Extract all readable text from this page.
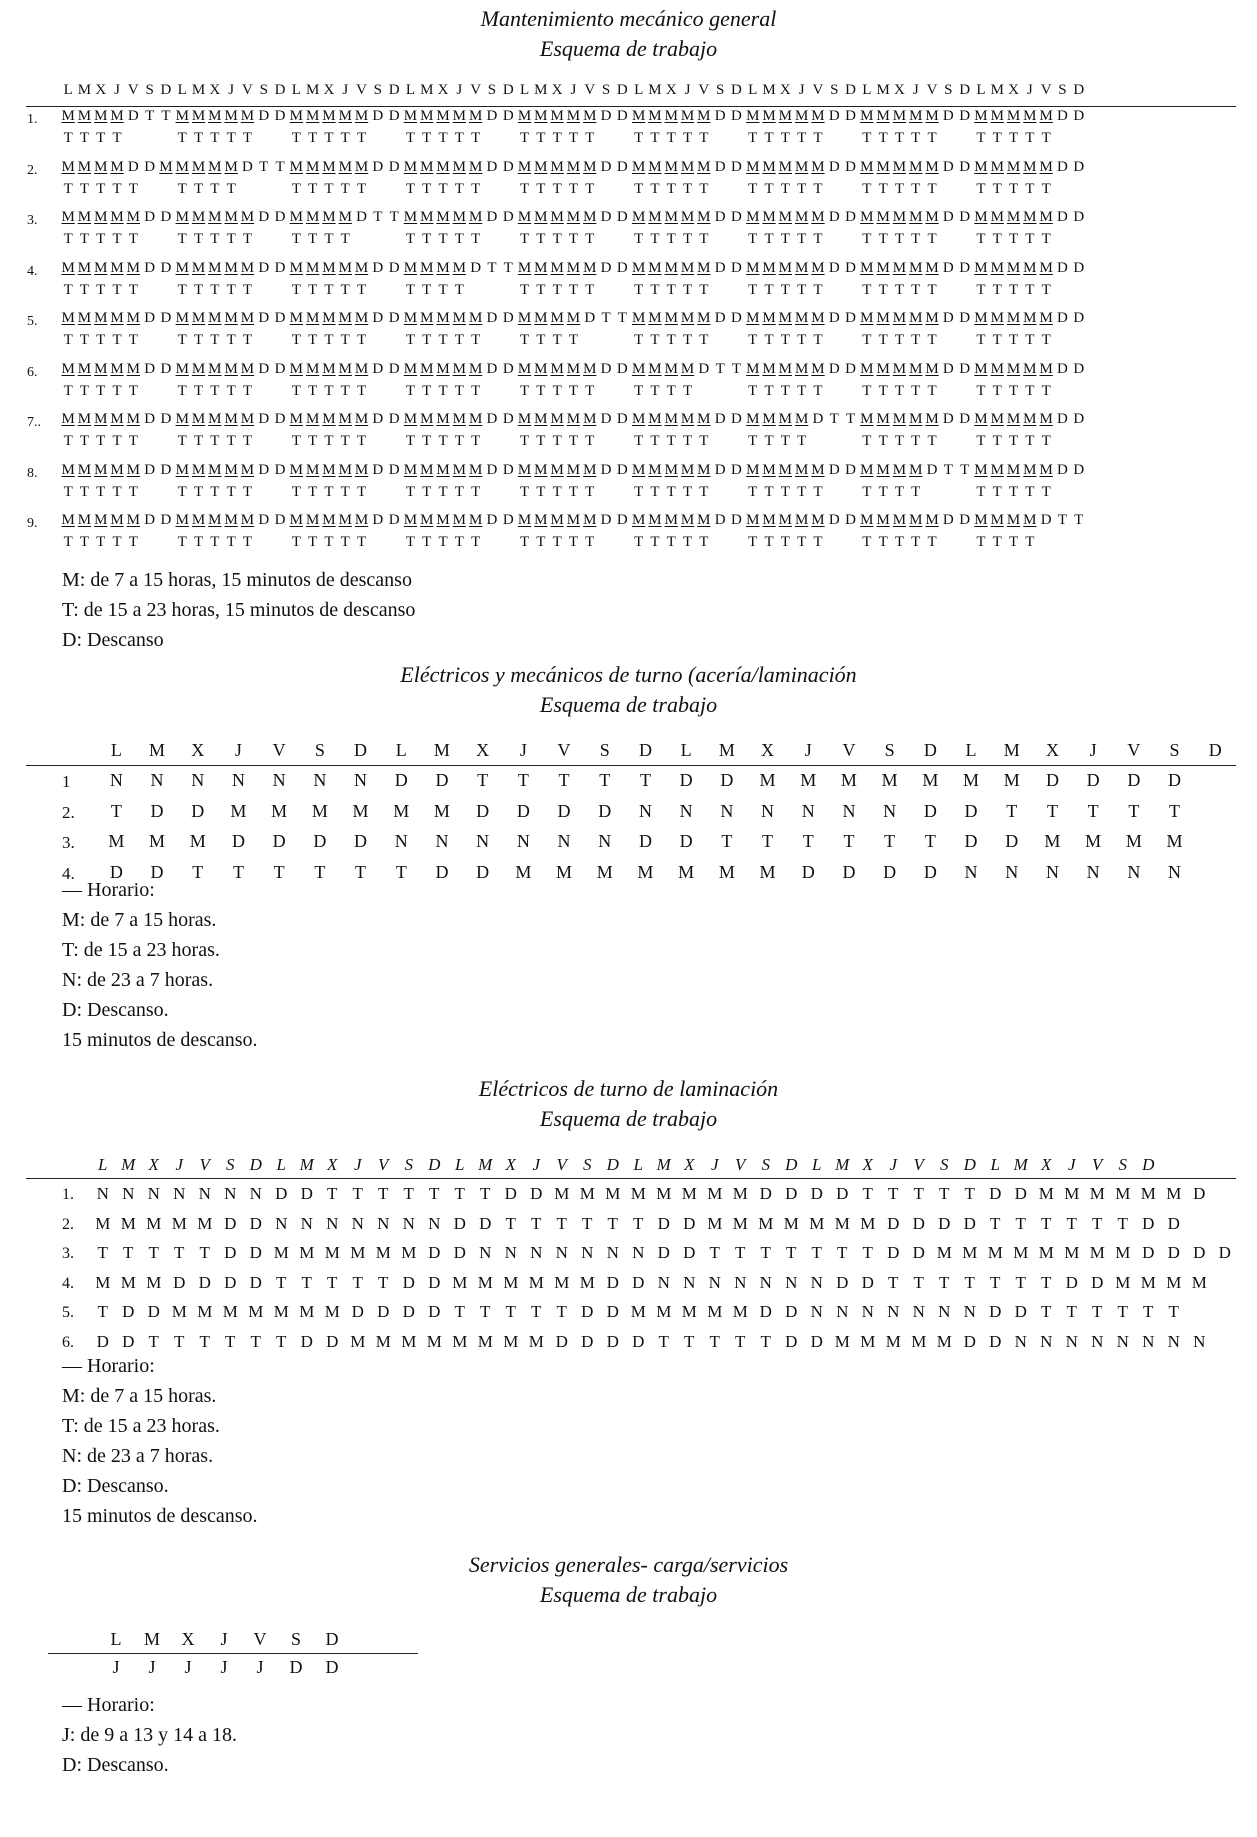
Mantenimiento mecánico general
Esquema de trabajo
L M X J V S D L M X J V S D L M X J V S D L M X J V S D L M X J V S D L M X J V S D L M X J V S D L M X J V S D L M X J V S D
1. M M M M D T T M M M M M D D M M M M M D D M M M M M D D M M M M M D D M M M M M D D M M M M M D D M M M M M D D M M M M M D D
T T T T	T T T T T	T T T T T	T T T T T	T T T T T	T T T T T	T T T T T	T T T T T	T T T T T
2. M M M M D D M M M M M D T T M M M M M D D M M M M M D D M M M M M D D M M M M M D D M M M M M D D M M M M M D D M M M M M D D
T T T T T	T T T T	T T T T T	T T T T T	T T T T T	T T T T T	T T T T T	T T T T T	T T T T T
3. M M M M M D D M M M M M D D M M M M D T T M M M M M D D M M M M M D D M M M M M D D M M M M M D D M M M M M D D M M M M M D D
T T T T T	T T T T T	T T T T	T T T T T	T T T T T	T T T T T	T T T T T	T T T T T	T T T T T
4. M M M M M D D M M M M M D D M M M M M D D M M M M D T T M M M M M D D M M M M M D D M M M M M D D M M M M M D D M M M M M D D
T T T T T	T T T T T	T T T T T	T T T T	T T T T T	T T T T T	T T T T T	T T T T T	T T T T T
5. M M M M M D D M M M M M D D M M M M M D D M M M M M D D M M M M D T T M M M M M D D M M M M M D D M M M M M D D M M M M M D D
T T T T T	T T T T T	T T T T T	T T T T T	T T T T	T T T T T	T T T T T	T T T T T	T T T T T
6. M M M M M D D M M M M M D D M M M M M D D M M M M M D D M M M M M D D M M M M D T T M M M M M D D M M M M M D D M M M M M D D
T T T T T	T T T T T	T T T T T	T T T T T	T T T T T	T T T T	T T T T T	T T T T T	T T T T T
7.. M M M M M D D M M M M M D D M M M M M D D M M M M M D D M M M M M D D M M M M M D D M M M M D T T M M M M M D D M M M M M D D
T T T T T	T T T T T	T T T T T	T T T T T	T T T T T	T T T T T	T T T T	T T T T T	T T T T T
8. M M M M M D D M M M M M D D M M M M M D D M M M M M D D M M M M M D D M M M M M D D M M M M M D D M M M M D T T M M M M M D D
T T T T T	T T T T T	T T T T T	T T T T T	T T T T T	T T T T T	T T T T T	T T T T	T T T T T
9. M M M M M D D M M M M M D D M M M M M D D M M M M M D D M M M M M D D M M M M M D D M M M M M D D M M M M M D D M M M M D T T
T T T T T	T T T T T	T T T T T	T T T T T	T T T T T	T T T T T	T T T T T	T T T T T	T T T T
M: de 7 a 15 horas, 15 minutos de descanso
T: de 15 a 23 horas, 15 minutos de descanso
D: Descanso
Eléctricos y mecánicos de turno (acería/laminación
Esquema de trabajo
L	M	X	J	V	S	D	L	M	X	J	V	S	D	L	M	X	J	V	S	D	L	M	X	J	V	S	D
1	N	N	N	N	N	N	N	D	D	T	T	T	T	T	D	D	M	M	M	M	M	M	M	D	D	D	D
2.	T	D	D	M	M	M	M	M	M	D	D	D	D	N	N	N	N	N	N	N	D	D	T	T	T	T	T
3.	M	M	M	D	D	D	D	N	N	N	N	N	N	D	D	T	T	T	T	T	T	D	D	M	M	M	M
4.	D	D	T	T	T	T	T	T	D	D	M	M	M	M	M	M	M	D	D	D	D	N	N	N	N	N	N
— Horario:
M: de 7 a 15 horas.
T: de 15 a 23 horas.
N: de 23 a 7 horas.
D: Descanso.
15 minutos de descanso.
Eléctricos de turno de laminación
Esquema de trabajo
L M X J V S D L M X J V S D L M X J V S D L M X J V S D L M X J V S D L M X J V S D
1.	N N N N N N N D D T T T T T T T D D M M M M M M M M D D D D T T T T T D D M M M M M M D
2.	M M M M M D D N N N N N N N D D T T T T T T D D M M M M M M M D D D D T T T T T T D D
3.	T T T T T D D M M M M M M D D N N N N N N N D D T T T T T T T D D M M M M M M M M D D D D
4.	M M M D D D D T T T T T D D M M M M M M D D N N N N N N N D D T T T T T T T D D M M M M
5.	T D D M M M M M M M D D D D T T T T T D D M M M M M D D N N N N N N N D D T T T T T T
6.	D D T T T T T T D D M M M M M M M M D D D D T T T T T D D M M M M M D D N N N N N N N N
— Horario:
M: de 7 a 15 horas.
T: de 15 a 23 horas.
N: de 23 a 7 horas.
D: Descanso.
15 minutos de descanso.
Servicios generales- carga/servicios
Esquema de trabajo
L	M	X	J	V	S	D
J	J	J	J	J	D	D
— Horario:
J: de 9 a 13 y 14 a 18.
D: Descanso.
